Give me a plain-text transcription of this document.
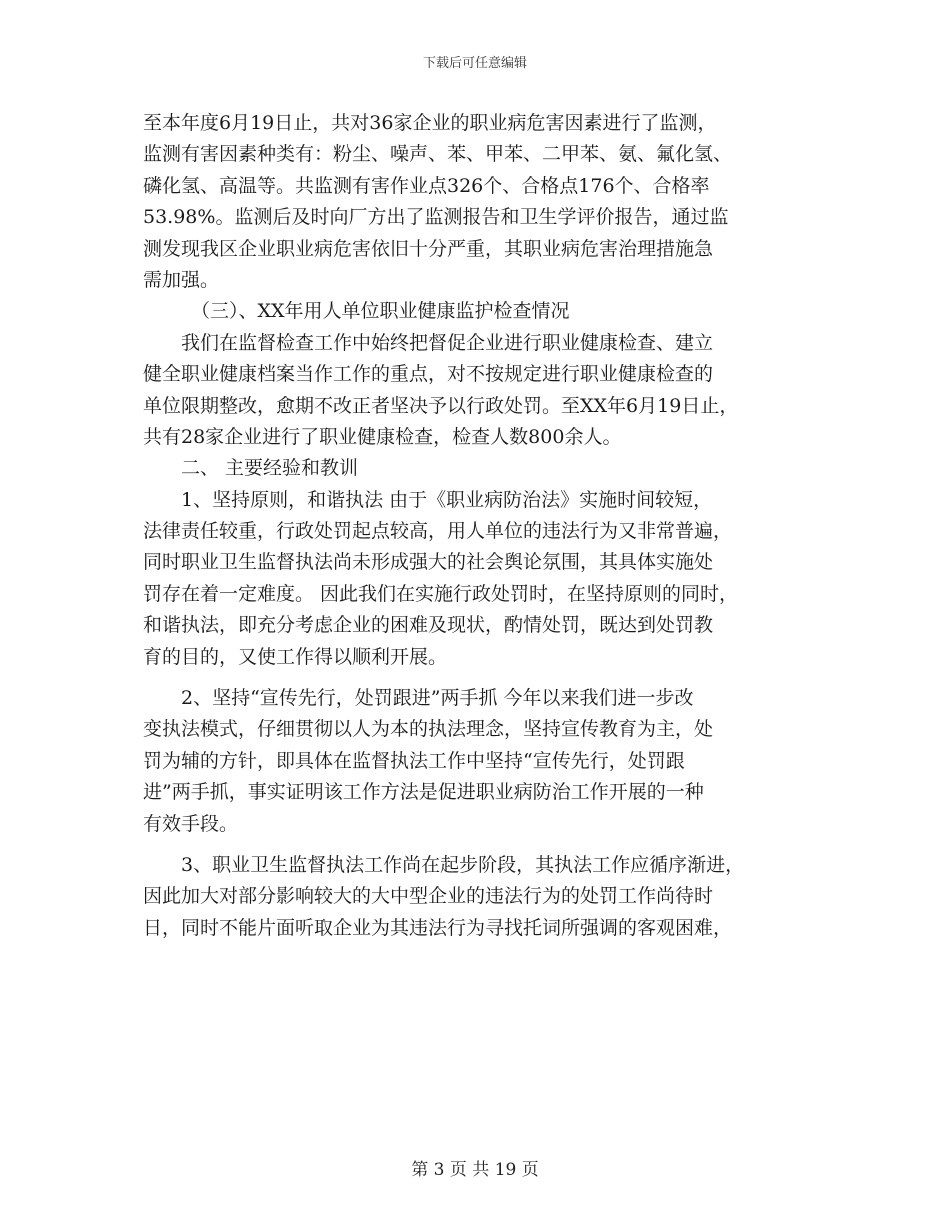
下载后可任意编辑
至本年度6月19日止，共对36家企业的职业病危害因素进行了监测，
监测有害因素种类有：粉尘、噪声、苯、甲苯、二甲苯、氨、氟化氢、
磷化氢、高温等。共监测有害作业点326个、合格点176个、合格率
53.98%。监测后及时向厂方出了监测报告和卫生学评价报告，通过监
测发现我区企业职业病危害依旧十分严重，其职业病危害治理措施急
需加强。
（三）、XX年用人单位职业健康监护检查情况
我们在监督检查工作中始终把督促企业进行职业健康检查、建立
健全职业健康档案当作工作的重点，对不按规定进行职业健康检查的
单位限期整改，愈期不改正者坚决予以行政处罚。至XX年6月19日止，
共有28家企业进行了职业健康检查，检查人数800余人。
二、 主要经验和教训
1、坚持原则，和谐执法 由于《职业病防治法》实施时间较短，
法律责任较重，行政处罚起点较高，用人单位的违法行为又非常普遍，
同时职业卫生监督执法尚未形成强大的社会舆论氛围，其具体实施处
罚存在着一定难度。 因此我们在实施行政处罚时，在坚持原则的同时，
和谐执法，即充分考虑企业的困难及现状，酌情处罚，既达到处罚教
育的目的，又使工作得以顺利开展。
2、坚持“宣传先行，处罚跟进”两手抓 今年以来我们进一步改
变执法模式，仔细贯彻以人为本的执法理念，坚持宣传教育为主，处
罚为辅的方针，即具体在监督执法工作中坚持“宣传先行，处罚跟
进”两手抓，事实证明该工作方法是促进职业病防治工作开展的一种
有效手段。
3、职业卫生监督执法工作尚在起步阶段，其执法工作应循序渐进，
因此加大对部分影响较大的大中型企业的违法行为的处罚工作尚待时
日，同时不能片面听取企业为其违法行为寻找托词所强调的客观困难，
第 3 页 共 19 页
